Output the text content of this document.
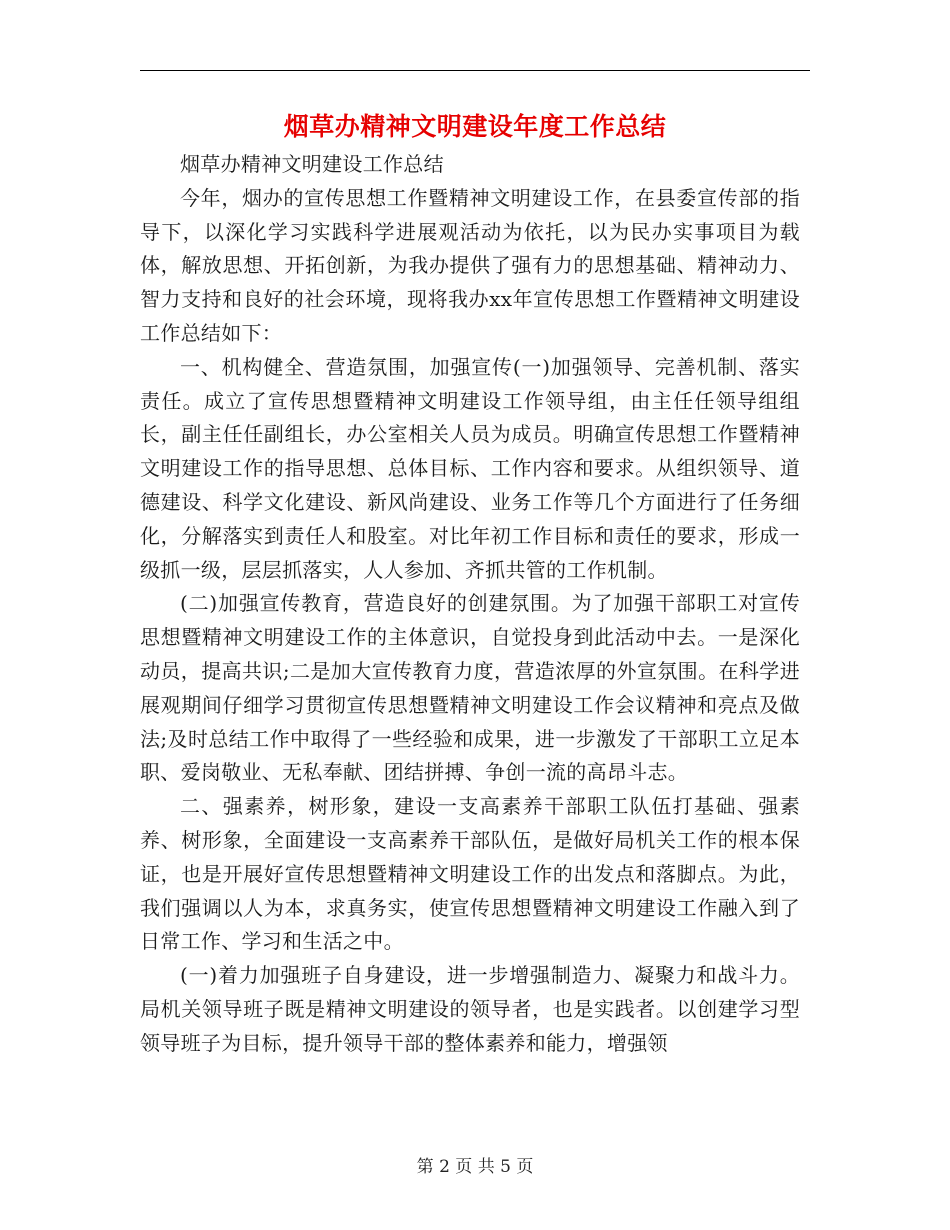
烟草办精神文明建设年度工作总结

烟草办精神文明建设工作总结

今年，烟办的宣传思想工作暨精神文明建设工作，在县委宣传部的指导下，以深化学习实践科学进展观活动为依托，以为民办实事项目为载体，解放思想、开拓创新，为我办提供了强有力的思想基础、精神动力、智力支持和良好的社会环境，现将我办xx年宣传思想工作暨精神文明建设工作总结如下：

一、机构健全、营造氛围，加强宣传(一)加强领导、完善机制、落实责任。成立了宣传思想暨精神文明建设工作领导组，由主任任领导组组长，副主任任副组长，办公室相关人员为成员。明确宣传思想工作暨精神文明建设工作的指导思想、总体目标、工作内容和要求。从组织领导、道德建设、科学文化建设、新风尚建设、业务工作等几个方面进行了任务细化，分解落实到责任人和股室。对比年初工作目标和责任的要求，形成一级抓一级，层层抓落实，人人参加、齐抓共管的工作机制。

(二)加强宣传教育，营造良好的创建氛围。为了加强干部职工对宣传思想暨精神文明建设工作的主体意识，自觉投身到此活动中去。一是深化动员，提高共识;二是加大宣传教育力度，营造浓厚的外宣氛围。在科学进展观期间仔细学习贯彻宣传思想暨精神文明建设工作会议精神和亮点及做法;及时总结工作中取得了一些经验和成果，进一步激发了干部职工立足本职、爱岗敬业、无私奉献、团结拼搏、争创一流的高昂斗志。

二、强素养，树形象，建设一支高素养干部职工队伍打基础、强素养、树形象，全面建设一支高素养干部队伍，是做好局机关工作的根本保证，也是开展好宣传思想暨精神文明建设工作的出发点和落脚点。为此，我们强调以人为本，求真务实，使宣传思想暨精神文明建设工作融入到了日常工作、学习和生活之中。

(一)着力加强班子自身建设，进一步增强制造力、凝聚力和战斗力。局机关领导班子既是精神文明建设的领导者，也是实践者。以创建学习型领导班子为目标，提升领导干部的整体素养和能力，增强领

第 2 页 共 5 页
